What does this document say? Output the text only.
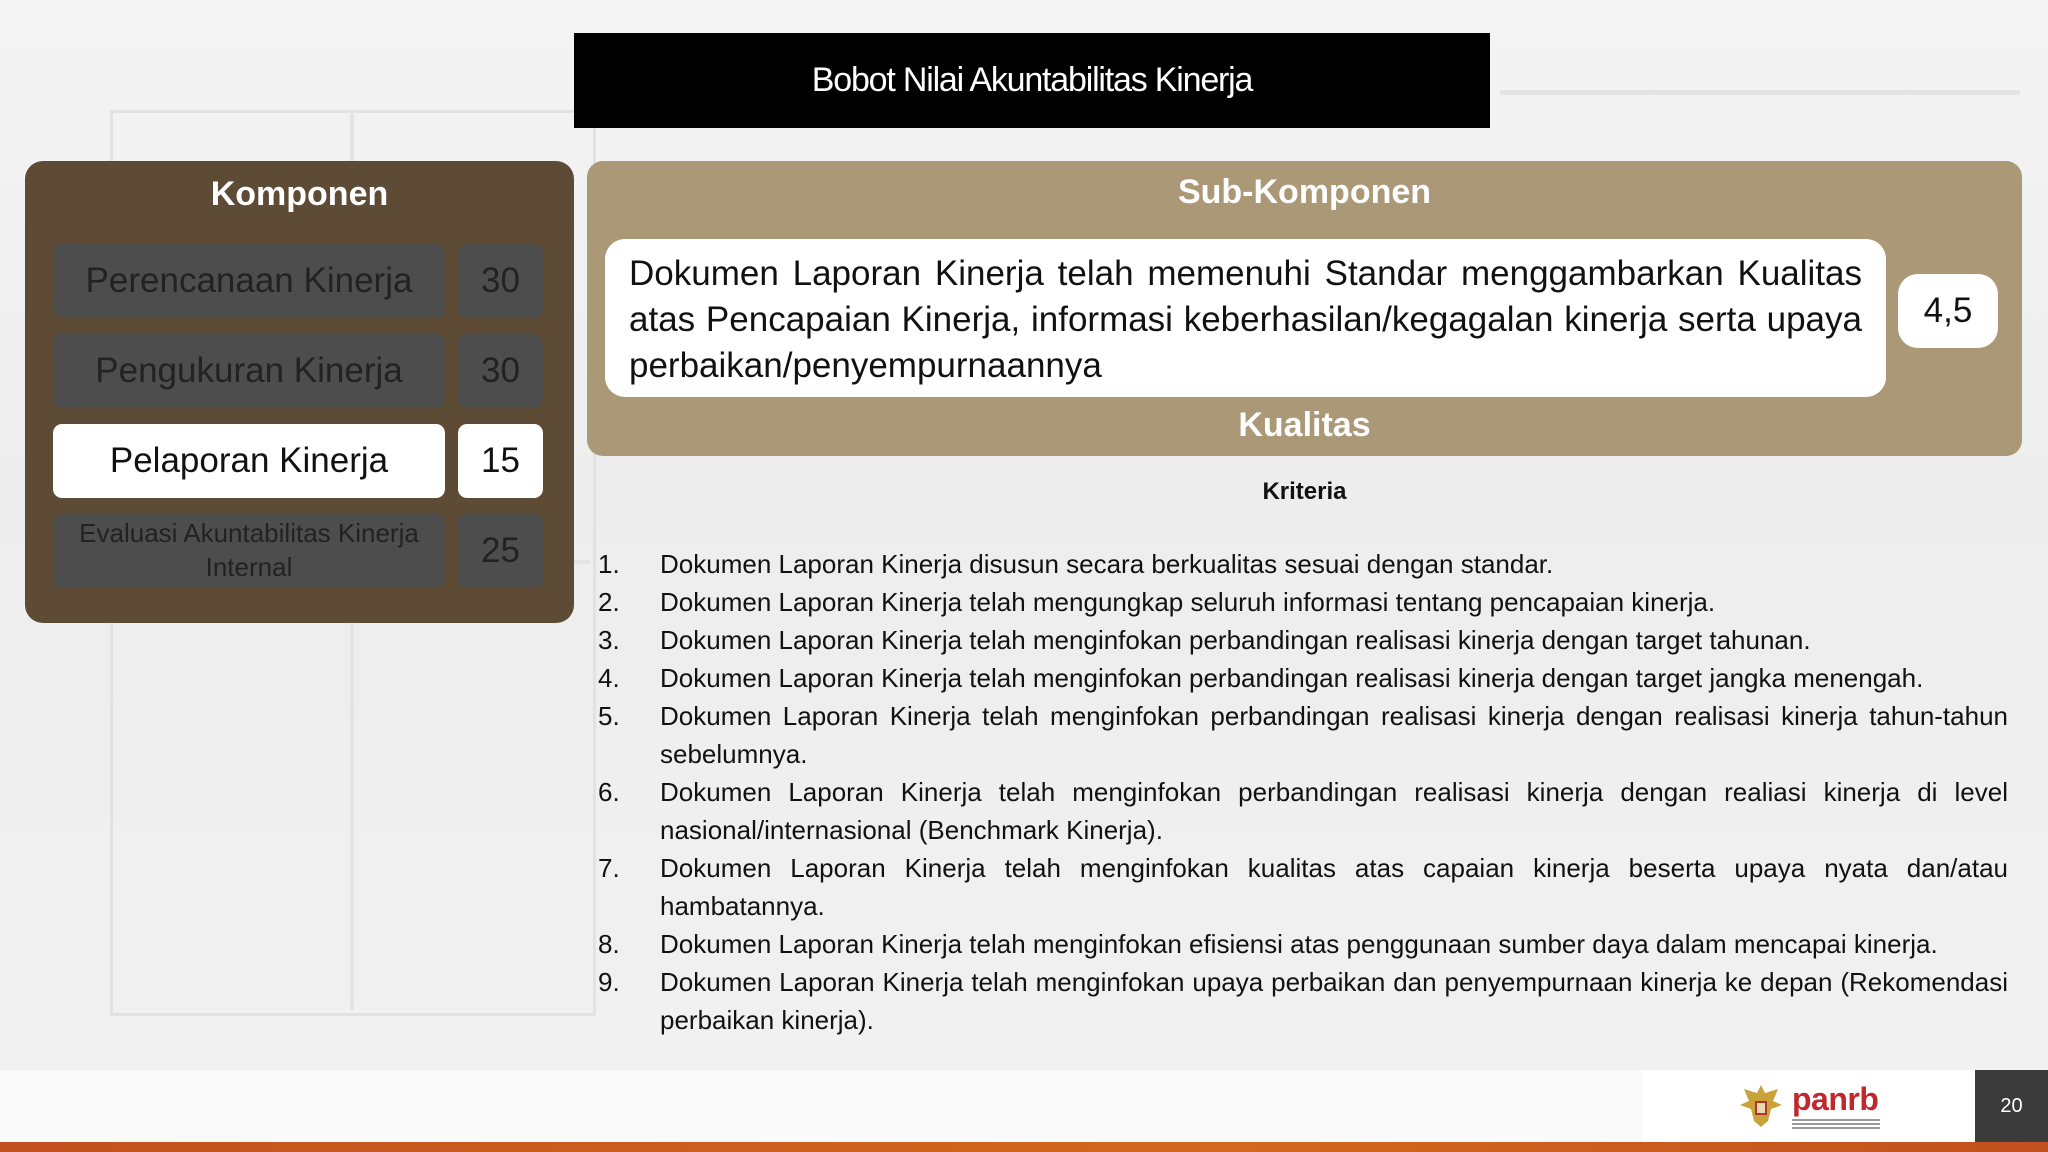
Bobot Nilai Akuntabilitas Kinerja
Komponen
Perencanaan Kinerja	30
Pengukuran Kinerja	30
Pelaporan Kinerja	15
Evaluasi Akuntabilitas Kinerja Internal	25
Sub-Komponen
Dokumen Laporan Kinerja telah memenuhi Standar menggambarkan Kualitas atas Pencapaian Kinerja, informasi keberhasilan/kegagalan kinerja serta upaya perbaikan/penyempurnaannya
4,5
Kualitas
Kriteria
1. Dokumen Laporan Kinerja disusun secara berkualitas sesuai dengan standar.
2. Dokumen Laporan Kinerja telah mengungkap seluruh informasi tentang pencapaian kinerja.
3. Dokumen Laporan Kinerja telah menginfokan perbandingan realisasi kinerja dengan target tahunan.
4. Dokumen Laporan Kinerja telah menginfokan perbandingan realisasi kinerja dengan target jangka menengah.
5. Dokumen Laporan Kinerja telah menginfokan perbandingan realisasi kinerja dengan realisasi kinerja tahun-tahun sebelumnya.
6. Dokumen Laporan Kinerja telah menginfokan perbandingan realisasi kinerja dengan realiasi kinerja di level nasional/internasional (Benchmark Kinerja).
7. Dokumen Laporan Kinerja telah menginfokan kualitas atas capaian kinerja beserta upaya nyata dan/atau hambatannya.
8. Dokumen Laporan Kinerja telah menginfokan efisiensi atas penggunaan sumber daya dalam mencapai kinerja.
9. Dokumen Laporan Kinerja telah menginfokan upaya perbaikan dan penyempurnaan kinerja ke depan (Rekomendasi perbaikan kinerja).
panrb	20
